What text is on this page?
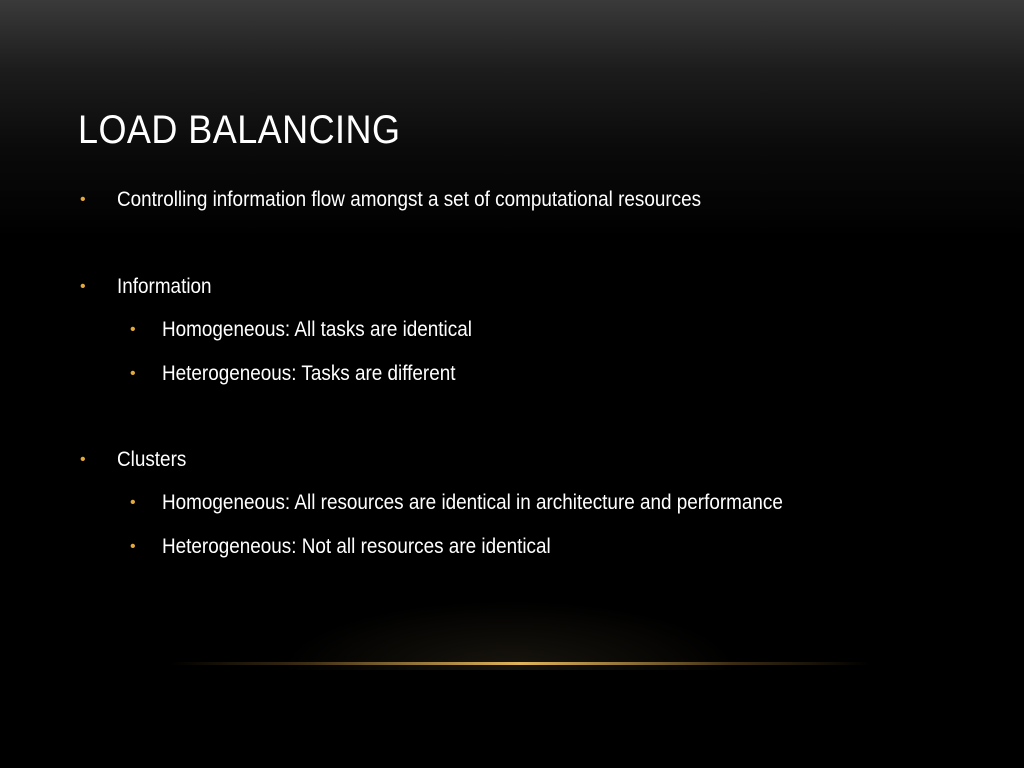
LOAD BALANCING
• Controlling information flow amongst a set of computational resources
• Information
• Homogeneous: All tasks are identical
• Heterogeneous: Tasks are different
• Clusters
• Homogeneous: All resources are identical in architecture and performance
• Heterogeneous: Not all resources are identical
